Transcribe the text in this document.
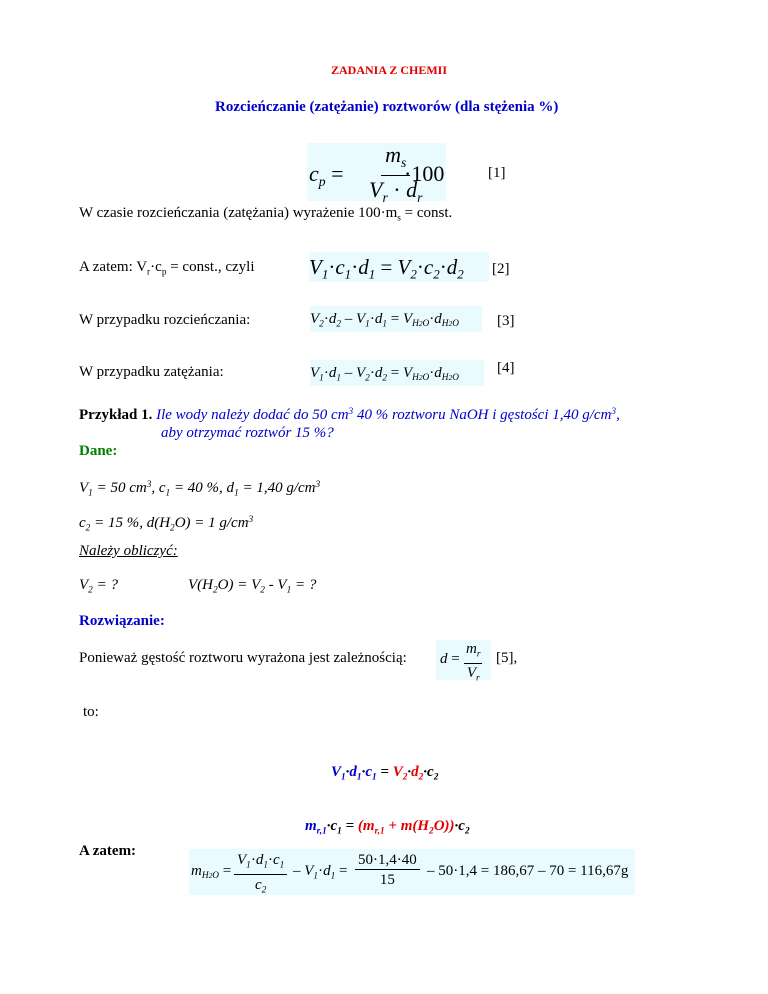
ZADANIA Z CHEMII
Rozcieńczanie (zatężanie) roztworów (dla stężenia %)
$c_p$ =
$m_s$
$V_r \cdot d_r$
·100	[1]
W czasie rozcieńczania (zatężania) wyrażenie $100\cdot m_s$ = const.
A zatem: $V_r\cdot c_p$ = const., czyli	$V_1\cdot c_1\cdot d_1 = V_2\cdot c_2\cdot d_2$	[2]
W przypadku rozcieńczania:	$V_2\cdot d_2 - V_1\cdot d_1 = V_{H2O}\cdot d_{H2O}$	[3]
W przypadku zatężania:	$V_1\cdot d_1 - V_2\cdot d_2 = V_{H2O}\cdot d_{H2O}$
[4]
Przykład 1. Ile wody należy dodać do 50 $cm^3$ 40 % roztworu NaOH i gęstości 1,40 $g/cm^3$,
aby otrzymać roztwór 15 %?
Dane:
$V_1 = 50$ $cm^3$, $c_1 = 40$ %, $d_1 = 1,40$ $g/cm^3$
$c_2 = 15$ %, $d(H_2O) = 1$ $g/cm^3$
Należy obliczyć:
$V_2$ = ?	$V(H_2O) = V_2 - V_1$ = ?
Rozwiązanie:
Ponieważ gęstość roztworu wyrażona jest zależnością: d =
$m_r$
$V_r$
[5],
to:
$V_1\cdot d_1\cdot c_1 = V_2\cdot d_2\cdot c_2$
$m_{r,1}\cdot c_1 = (m_{r,1} + m(H_2O))\cdot c_2$
A zatem:
$m_{H2O}$ =
$V_1\cdot d_1\cdot c_1$
$c_2$
– $V_1\cdot d_1$ =
50·1,4·40
15
– 50·1,4 = 186,67 – 70 = 116,67g
